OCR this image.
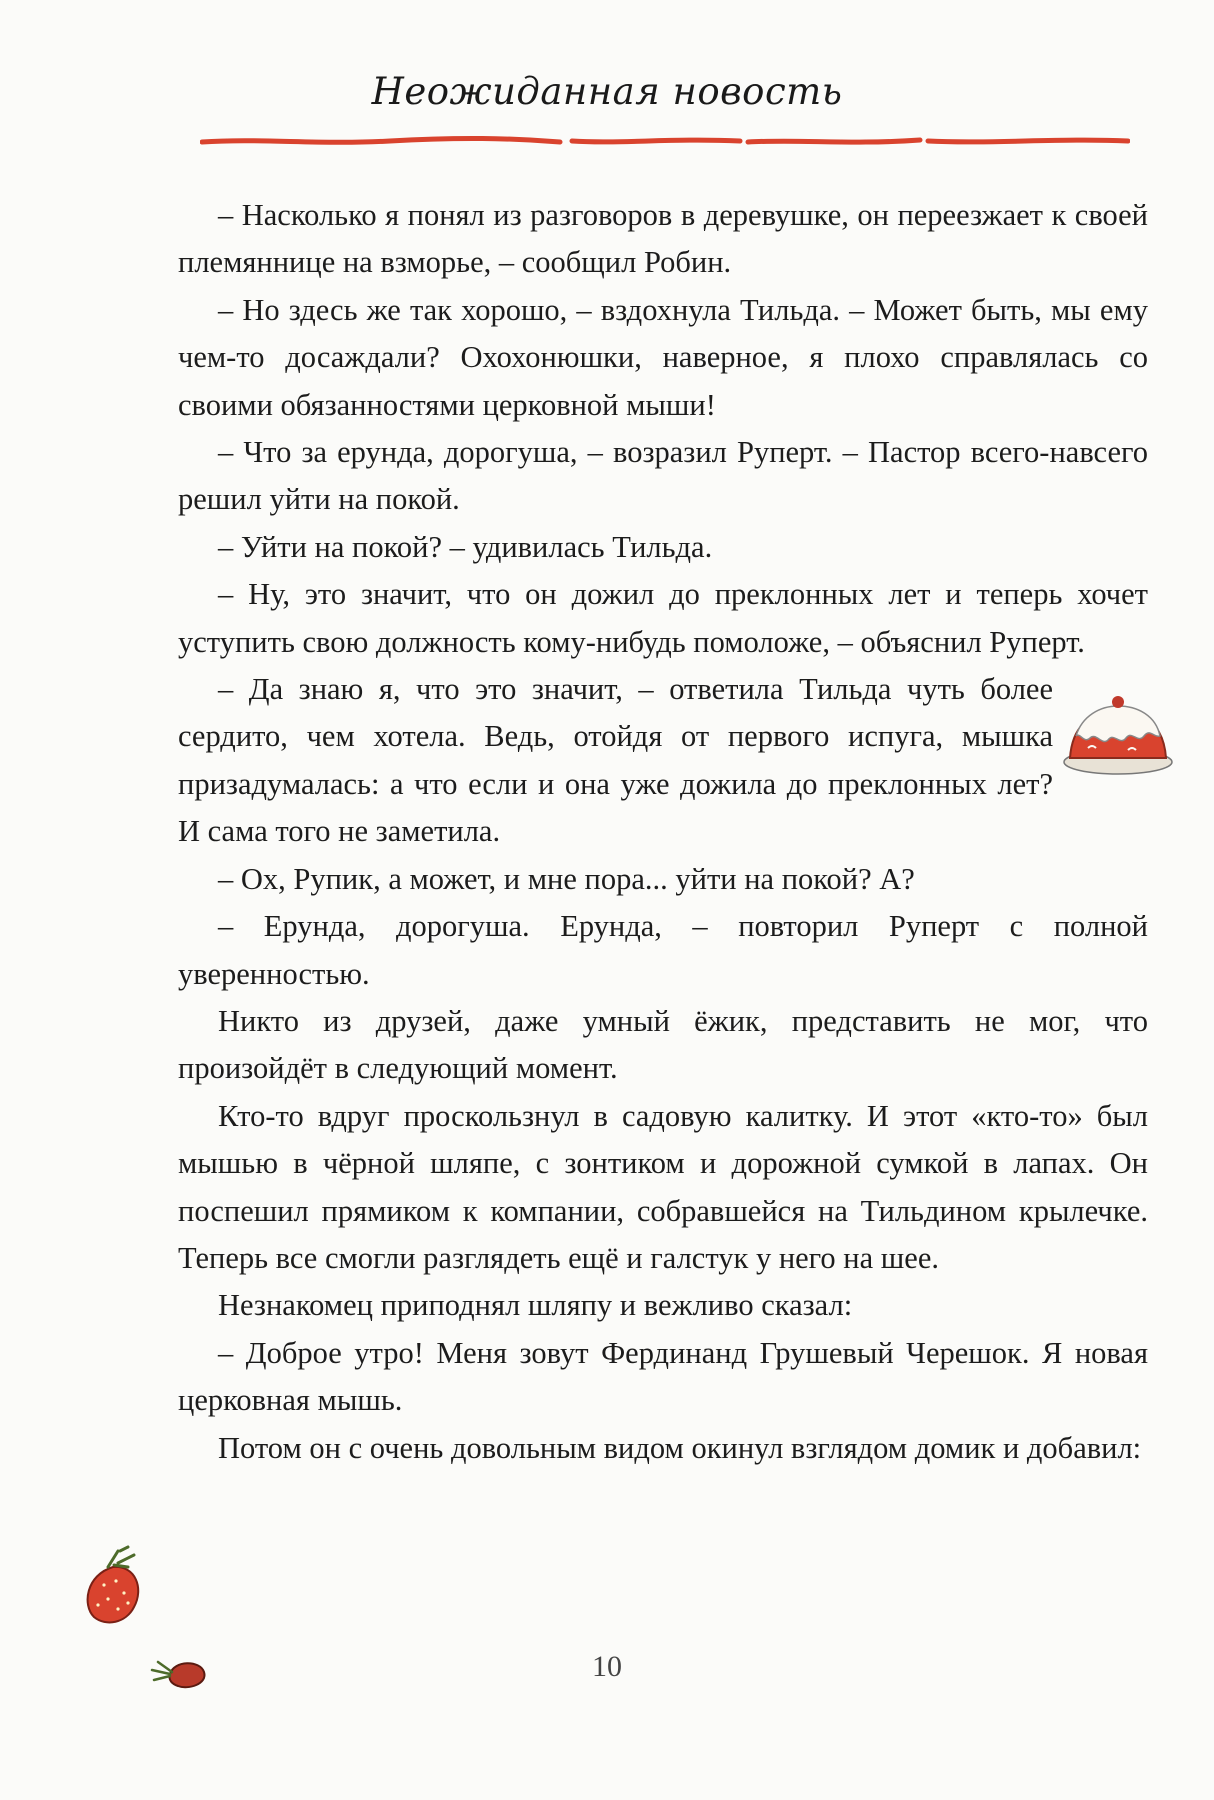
Неожиданная новость

– Насколько я понял из разговоров в деревушке, он переезжает к своей племяннице на взморье, – сообщил Робин.

– Но здесь же так хорошо, – вздохнула Тильда. – Может быть, мы ему чем-то досаждали? Охохонюшки, наверное, я плохо справлялась со своими обязанностями церковной мыши!

– Что за ерунда, дорогуша, – возразил Руперт. – Пастор всего-навсего решил уйти на покой.

– Уйти на покой? – удивилась Тильда.

– Ну, это значит, что он дожил до преклонных лет и теперь хочет уступить свою должность кому-нибудь помоложе, – объяснил Руперт.

– Да знаю я, что это значит, – ответила Тильда чуть более сердито, чем хотела. Ведь, отойдя от первого испуга, мышка призадумалась: а что если и она уже дожила до преклонных лет? И сама того не заметила.

– Ох, Рупик, а может, и мне пора... уйти на покой? А?

– Ерунда, дорогуша. Ерунда, – повторил Руперт с полной уверенностью.

Никто из друзей, даже умный ёжик, представить не мог, что произойдёт в следующий момент.

Кто-то вдруг проскользнул в садовую калитку. И этот «кто-то» был мышью в чёрной шляпе, с зонтиком и дорожной сумкой в лапах. Он поспешил прямиком к компании, собравшейся на Тильдином крылечке. Теперь все смогли разглядеть ещё и галстук у него на шее.

Незнакомец приподнял шляпу и вежливо сказал:

– Доброе утро! Меня зовут Фердинанд Грушевый Черешок. Я новая церковная мышь.

Потом он с очень довольным видом окинул взглядом домик и добавил:

10
